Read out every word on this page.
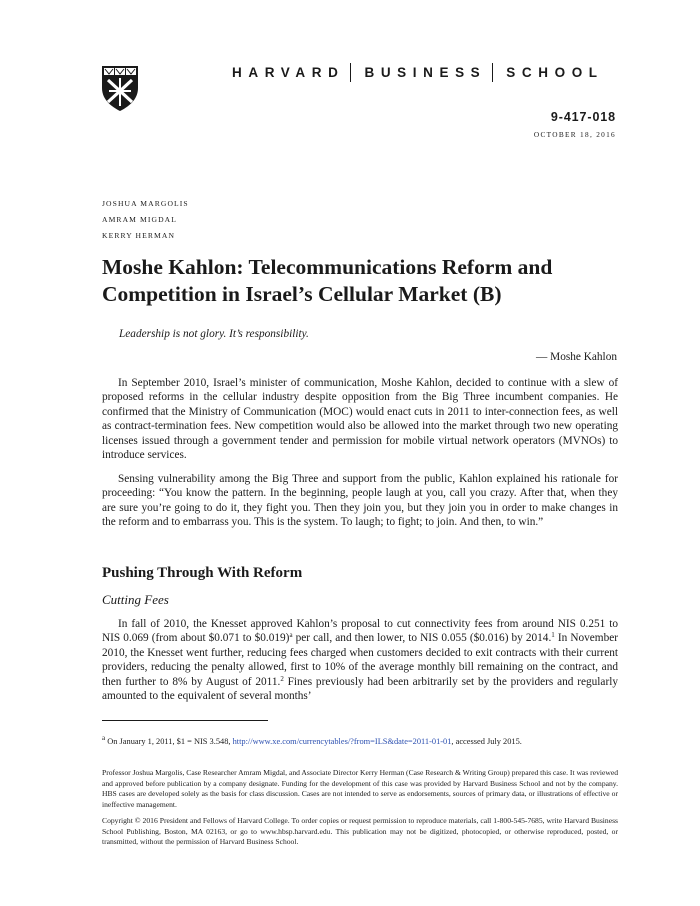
HARVARD BUSINESS SCHOOL
9-417-018
OCTOBER 18, 2016
JOSHUA MARGOLIS
AMRAM MIGDAL
KERRY HERMAN
Moshe Kahlon: Telecommunications Reform and Competition in Israel’s Cellular Market (B)
Leadership is not glory. It’s responsibility.
— Moshe Kahlon

In September 2010, Israel’s minister of communication, Moshe Kahlon, decided to continue with a slew of proposed reforms in the cellular industry despite opposition from the Big Three incumbent companies. He confirmed that the Ministry of Communication (MOC) would enact cuts in 2011 to inter-connection fees, as well as contract-termination fees. New competition would also be allowed into the market through two new operating licenses issued through a government tender and permission for mobile virtual network operators (MVNOs) to introduce services.

Sensing vulnerability among the Big Three and support from the public, Kahlon explained his rationale for proceeding: “You know the pattern. In the beginning, people laugh at you, call you crazy. After that, when they are sure you’re going to do it, they fight you. Then they join you, but they join you in order to make changes in the reform and to embarrass you. This is the system. To laugh; to fight; to join. And then, to win.”

Pushing Through With Reform
Cutting Fees

In fall of 2010, the Knesset approved Kahlon’s proposal to cut connectivity fees from around NIS 0.251 to NIS 0.069 (from about $0.071 to $0.019)$^a$ per call, and then lower, to NIS 0.055 ($0.016) by 2014.$^1$ In November 2010, the Knesset went further, reducing fees charged when customers decided to exit contracts with their current providers, reducing the penalty allowed, first to 10% of the average monthly bill remaining on the contract, and then further to 8% by August of 2011.$^2$ Fines previously had been arbitrarily set by the providers and regularly amounted to the equivalent of several months’

$^a$ On January 1, 2011, $1 = NIS 3.548, http://www.xe.com/currencytables/?from=ILS&date=2011-01-01, accessed July 2015.

Professor Joshua Margolis, Case Researcher Amram Migdal, and Associate Director Kerry Herman (Case Research & Writing Group) prepared this case. It was reviewed and approved before publication by a company designate. Funding for the development of this case was provided by Harvard Business School and not by the company. HBS cases are developed solely as the basis for class discussion. Cases are not intended to serve as endorsements, sources of primary data, or illustrations of effective or ineffective management.

Copyright © 2016 President and Fellows of Harvard College. To order copies or request permission to reproduce materials, call 1-800-545-7685, write Harvard Business School Publishing, Boston, MA 02163, or go to www.hbsp.harvard.edu. This publication may not be digitized, photocopied, or otherwise reproduced, posted, or transmitted, without the permission of Harvard Business School.
